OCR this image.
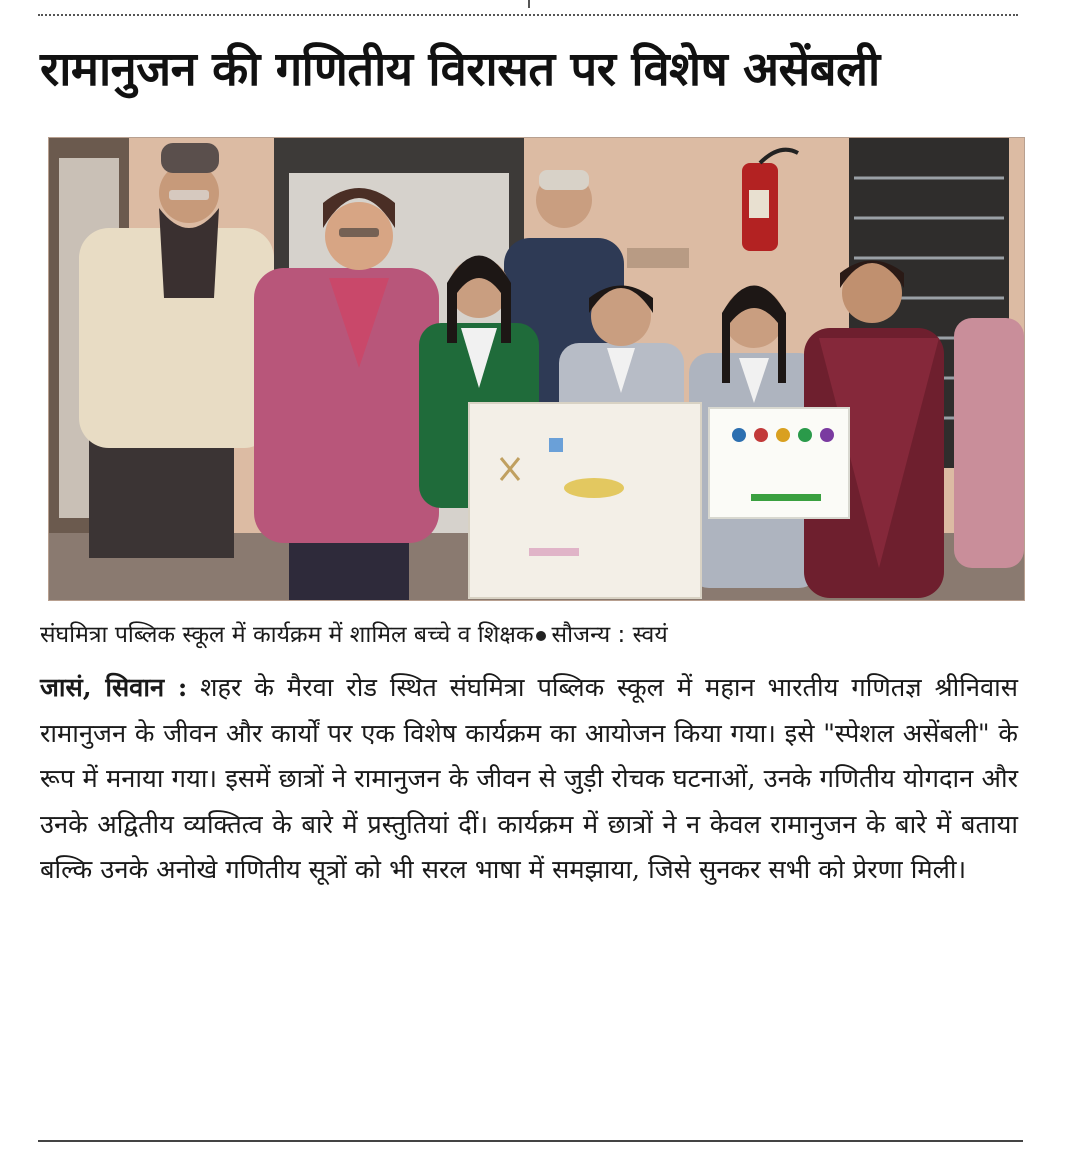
रामानुजन की गणितीय विरासत पर विशेष असेंबली
संघमित्रा पब्लिक स्कूल में कार्यक्रम में शामिल बच्चे व शिक्षक सौजन्य : स्वयं
जासं, सिवान : शहर के मैरवा रोड स्थित संघमित्रा पब्लिक स्कूल में महान भारतीय गणितज्ञ श्रीनिवास रामानुजन के जीवन और कार्यों पर एक विशेष कार्यक्रम का आयोजन किया गया। इसे "स्पेशल असेंबली" के रूप में मनाया गया। इसमें छात्रों ने रामानुजन के जीवन से जुड़ी रोचक घटनाओं, उनके गणितीय योगदान और उनके अद्वितीय व्यक्तित्व के बारे में प्रस्तुतियां दीं। कार्यक्रम में छात्रों ने न केवल रामानुजन के बारे में बताया बल्कि उनके अनोखे गणितीय सूत्रों को भी सरल भाषा में समझाया, जिसे सुनकर सभी को प्रेरणा मिली।
